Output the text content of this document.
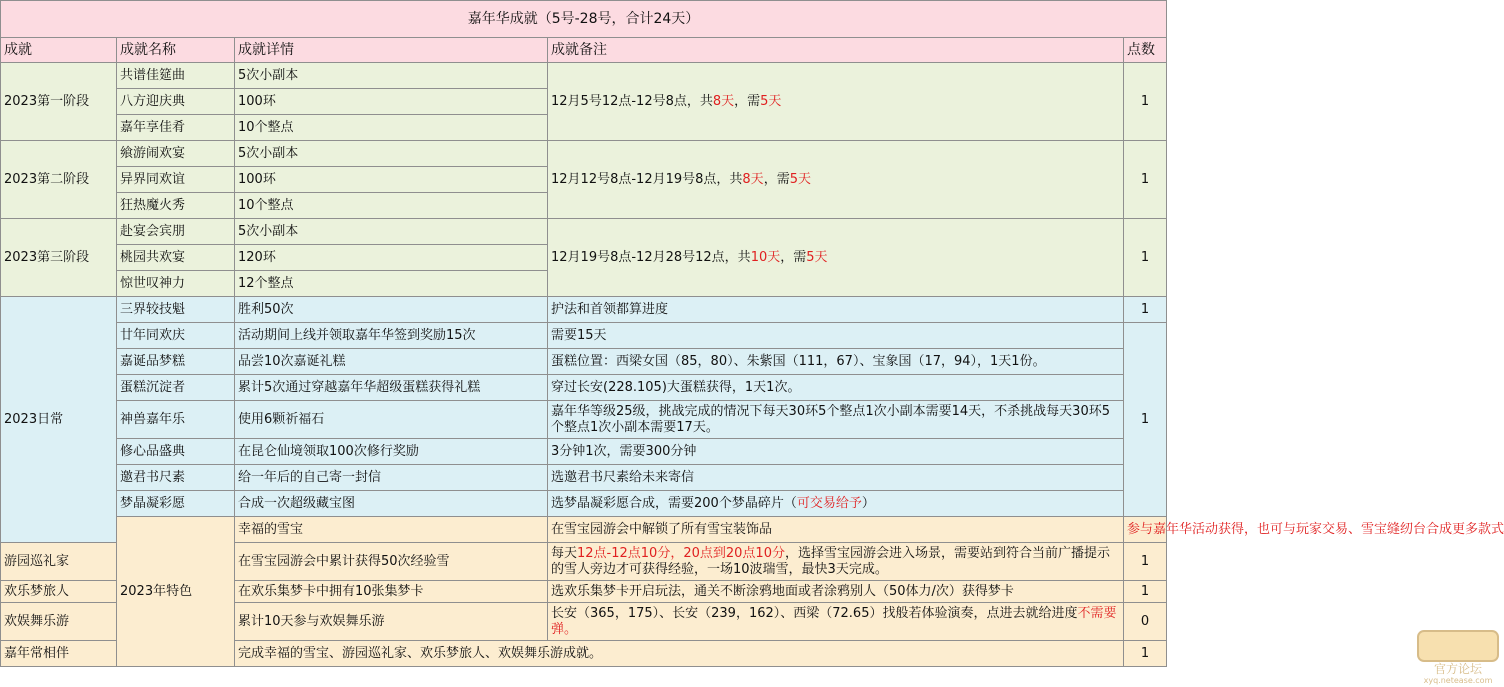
嘉年华成就（5号-28号，合计24天）					
成就	成就名称	成就详情	成就备注	点数	
2023第一阶段	共谱佳筵曲	5次小副本	12月5号12点-12号8点，共8天，需5天	1	
	八方迎庆典	100环			
	嘉年享佳肴	10个整点			
2023第二阶段	飨游闹欢宴	5次小副本	12月12号8点-12月19号8点，共8天，需5天	1	
	异界同欢谊	100环			
	狂热魔火秀	10个整点			
2023第三阶段	赴宴会宾朋	5次小副本	12月19号8点-12月28号12点，共10天，需5天	1	
	桃园共欢宴	120环			
	惊世叹神力	12个整点			
2023日常	三界较技魁	胜利50次	护法和首领都算进度	1	
	廿年同欢庆	活动期间上线并领取嘉年华签到奖励15次	需要15天	1	
	嘉诞品梦糕	品尝10次嘉诞礼糕	蛋糕位置：西梁女国（85，80）、朱紫国（111，67）、宝象国（17，94），1天1份。		
	蛋糕沉淀者	累计5次通过穿越嘉年华超级蛋糕获得礼糕	穿过长安(228.105)大蛋糕获得，1天1次。		
	神兽嘉年乐	使用6颗祈福石	嘉年华等级25级，挑战完成的情况下每天30环5个整点1次小副本需要14天，不杀挑战每天30环5个整点1次小副本需要17天。		
	修心品盛典	在昆仑仙境领取100次修行奖励	3分钟1次，需要300分钟		
	邀君书尺素	给一年后的自己寄一封信	选邀君书尺素给未来寄信		
	梦晶凝彩愿	合成一次超级藏宝图	选梦晶凝彩愿合成，需要200个梦晶碎片（可交易给予）	
	2023年特色	幸福的雪宝	在雪宝园游会中解锁了所有雪宝装饰品	参与嘉年华活动获得，也可与玩家交易、雪宝缝纫台合成更多款式	
游园巡礼家		在雪宝园游会中累计获得50次经验雪	每天12点-12点10分，20点到20点10分，选择雪宝园游会进入场景，需要站到符合当前广播提示的雪人旁边才可获得经验，一场10波瑞雪，最快3天完成。	1	
欢乐梦旅人		在欢乐集梦卡中拥有10张集梦卡	选欢乐集梦卡开启玩法，通关不断涂鸦地面或者涂鸦别人（50体力/次）获得梦卡	1	
欢娱舞乐游		累计10天参与欢娱舞乐游	长安（365，175）、长安（239，162）、西梁（72.65）找般若体验演奏，点进去就给进度不需要弹。	0	
嘉年常相伴		完成幸福的雪宝、游园巡礼家、欢乐梦旅人、欢娱舞乐游成就。		1	
官方论坛
xyq.netease.com
